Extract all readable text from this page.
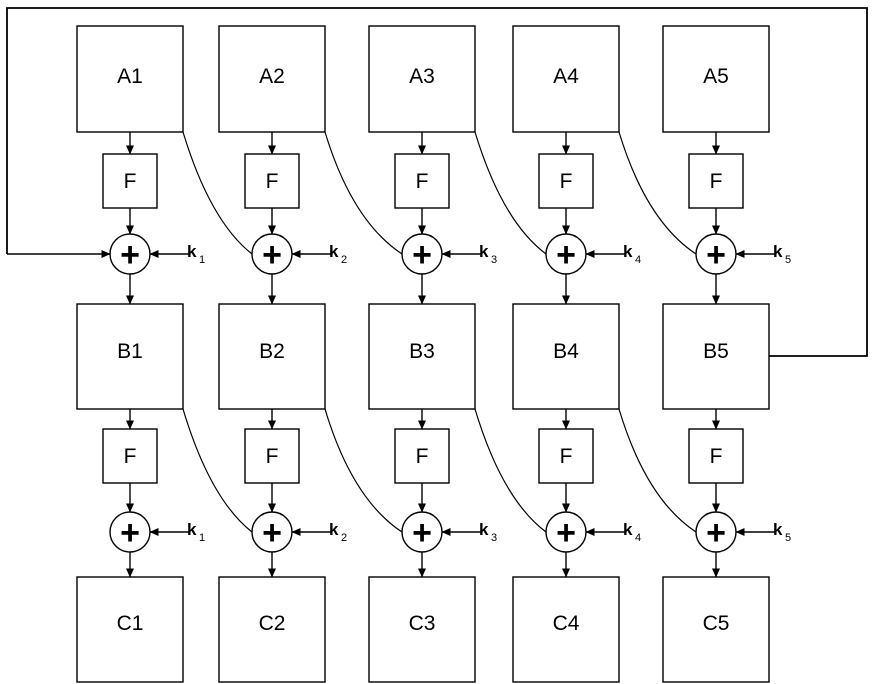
A1
F
+	k 1
B1
F
+	k 1
C1
A2
F
+	k 2
B2
F
+	k 2
C2
A3
F
+	k 3
B3
F
+	k 3
C3
A4
F
+	k 4
B4
F
+	k 4
C4
A5
F
+	k 5
B5
F
+	k 5
C5
